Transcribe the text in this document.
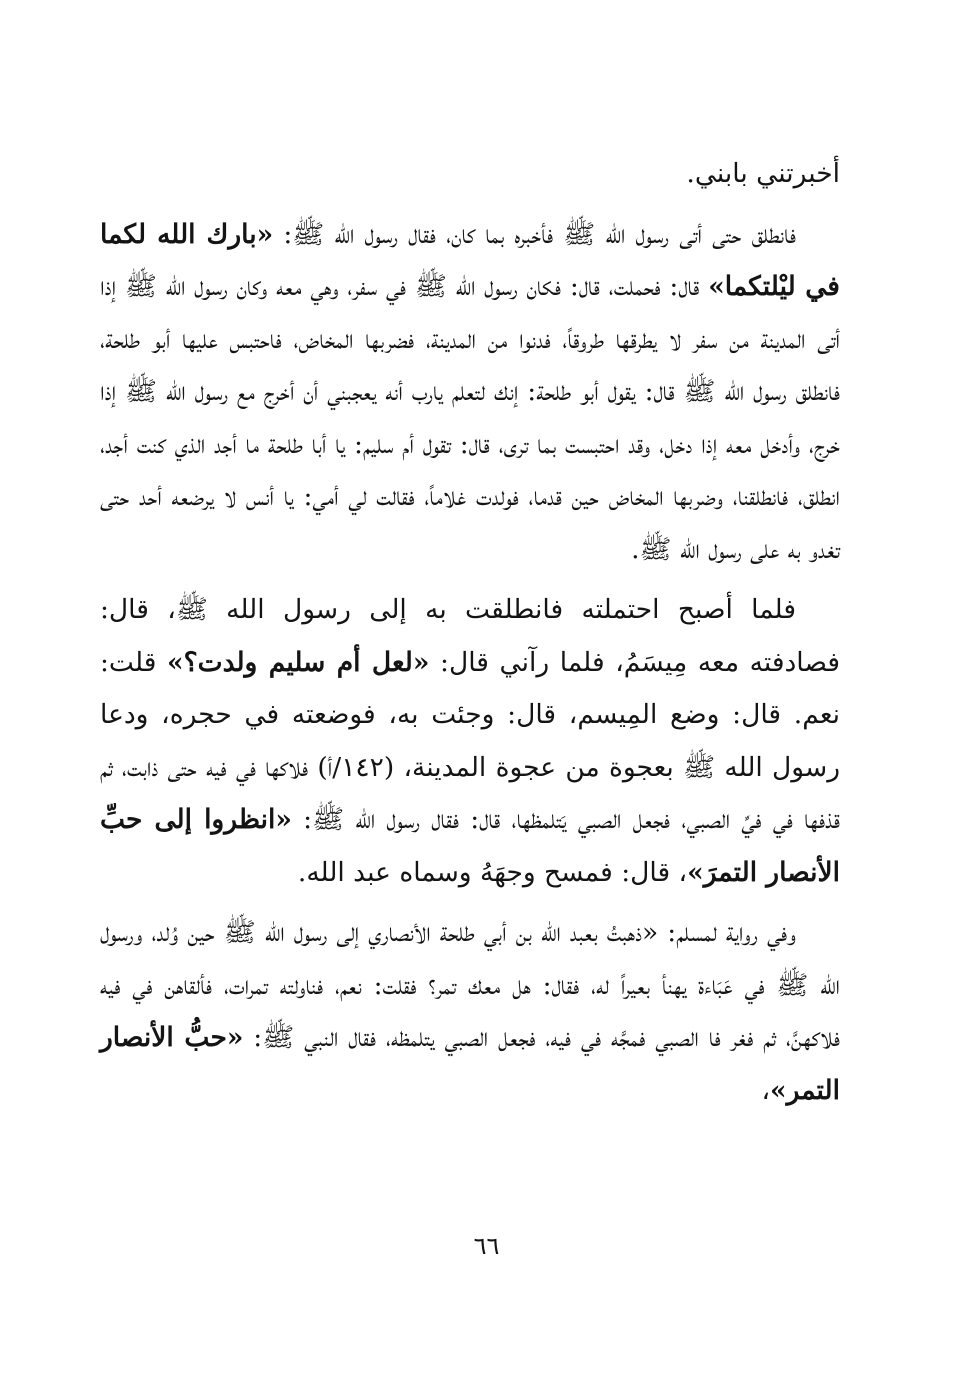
أخبرتني بابني.

فانطلق حتى أتى رسول الله ﷺ فأخبره بما كان، فقال رسول الله ﷺ: «بارك الله لكما في ليْلتكما» قال: فحملت، قال: فكان رسول الله ﷺ في سفر، وهي معه وكان رسول الله ﷺ إذا أتى المدينة من سفر لا يطرقها طروقاً، فدنوا من المدينة، فضربها المخاض، فاحتبس عليها أبو طلحة، فانطلق رسول الله ﷺ قال: يقول أبو طلحة: إنك لتعلم يارب أنه يعجبني أن أخرج مع رسول الله ﷺ إذا خرج، وأدخل معه إذا دخل، وقد احتبست بما ترى، قال: تقول أم سليم: يا أبا طلحة ما أجد الذي كنت أجد، انطلق، فانطلقنا، وضربها المخاض حين قدما، فولدت غلاماً، فقالت لي أمي: يا أنس لا يرضعه أحد حتى تغدو به على رسول الله ﷺ.

فلما أصبح احتملته فانطلقت به إلى رسول الله ﷺ، قال: فصادفته معه مِيسَمُ، فلما رآني قال: «لعل أم سليم ولدت؟» قلت: نعم. قال: وضع المِيسم، قال: وجئت به، فوضعته في حجره، ودعا رسول الله ﷺ بعجوة من عجوة المدينة، (١٤٢/أ) فلاكها في فيه حتى ذابت، ثم قذفها في فيِّ الصبي، فجعل الصبي يَتلمظها، قال: فقال رسول الله ﷺ: «انظروا إلى حبِّ الأنصار التمرَ»، قال: فمسح وجهَهُ وسماه عبد الله.

وفي رواية لمسلم: «ذهبتُ بعبد الله بن أبي طلحة الأنصاري إلى رسول الله ﷺ حين وُلد، ورسول الله ﷺ في عَبَاءة يهنأ بعيراً له، فقال: هل معك تمر؟ فقلت: نعم، فناولته تمرات، فألقاهن في فيه فلاكهنَّ، ثم فغر فا الصبي فمجَّه في فيه، فجعل الصبي يتلمظه، فقال النبي ﷺ: «حبُّ الأنصار التمر»،

٦٦
